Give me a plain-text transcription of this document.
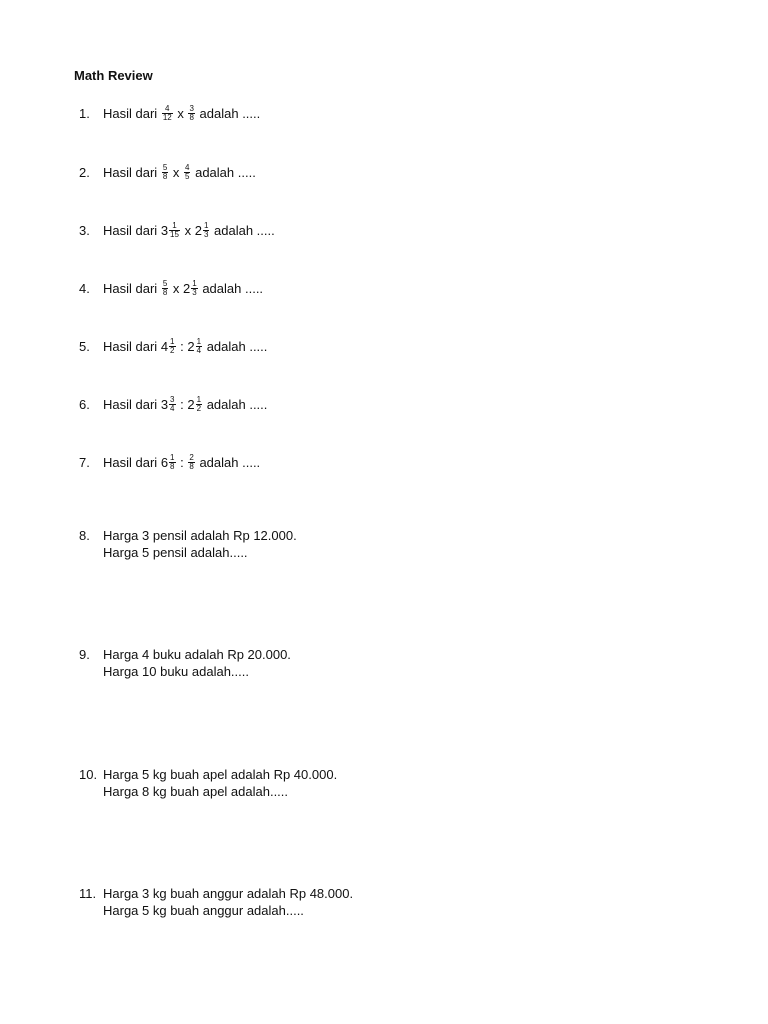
Math Review
1. Hasil dari $\frac{4}{12}$ x $\frac{3}{8}$ adalah .....
2. Hasil dari $\frac{5}{8}$ x $\frac{4}{5}$ adalah .....
3. Hasil dari $3 \frac{1}{15}$ x $2 \frac{1}{3}$ adalah .....
4. Hasil dari $\frac{5}{8}$ x $2 \frac{1}{3}$ adalah .....
5. Hasil dari $4 \frac{1}{2}$ : $2 \frac{1}{4}$ adalah .....
6. Hasil dari $3 \frac{3}{4}$ : $2 \frac{1}{2}$ adalah .....
7. Hasil dari $6 \frac{1}{8}$ : $\frac{2}{8}$ adalah .....
8. Harga 3 pensil adalah Rp 12.000.
Harga 5 pensil adalah.....
9. Harga 4 buku adalah Rp 20.000.
Harga 10 buku adalah.....
10. Harga 5 kg buah apel adalah Rp 40.000.
Harga 8 kg buah apel adalah.....
11. Harga 3 kg buah anggur adalah Rp 48.000.
Harga 5 kg buah anggur adalah.....
